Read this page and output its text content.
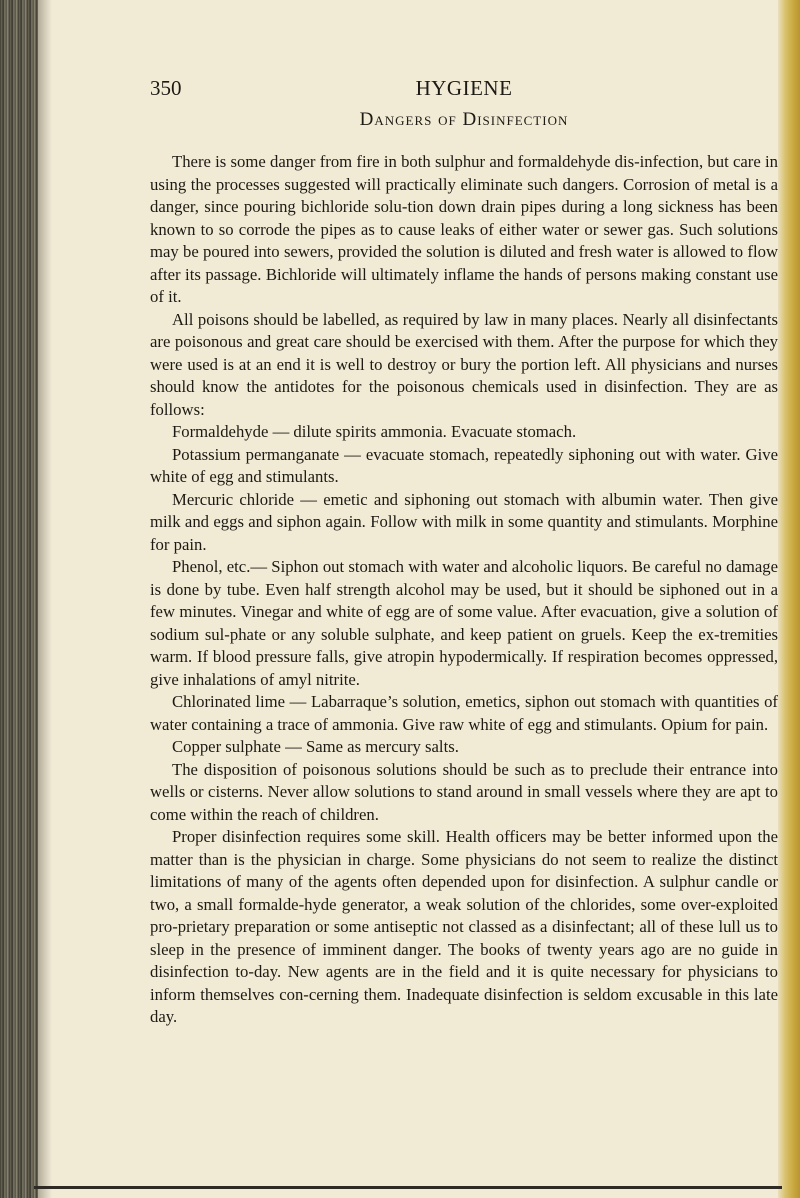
350	HYGIENE
Dangers of Disinfection

There is some danger from fire in both sulphur and formaldehyde dis-infection, but care in using the processes suggested will practically eliminate such dangers. Corrosion of metal is a danger, since pouring bichloride solu-tion down drain pipes during a long sickness has been known to so corrode the pipes as to cause leaks of either water or sewer gas. Such solutions may be poured into sewers, provided the solution is diluted and fresh water is allowed to flow after its passage. Bichloride will ultimately inflame the hands of persons making constant use of it.

All poisons should be labelled, as required by law in many places. Nearly all disinfectants are poisonous and great care should be exercised with them. After the purpose for which they were used is at an end it is well to destroy or bury the portion left. All physicians and nurses should know the antidotes for the poisonous chemicals used in disinfection. They are as follows:

Formaldehyde — dilute spirits ammonia. Evacuate stomach.

Potassium permanganate — evacuate stomach, repeatedly siphoning out with water. Give white of egg and stimulants.

Mercuric chloride — emetic and siphoning out stomach with albumin water. Then give milk and eggs and siphon again. Follow with milk in some quantity and stimulants. Morphine for pain.

Phenol, etc.— Siphon out stomach with water and alcoholic liquors. Be careful no damage is done by tube. Even half strength alcohol may be used, but it should be siphoned out in a few minutes. Vinegar and white of egg are of some value. After evacuation, give a solution of sodium sul-phate or any soluble sulphate, and keep patient on gruels. Keep the ex-tremities warm. If blood pressure falls, give atropin hypodermically. If respiration becomes oppressed, give inhalations of amyl nitrite.

Chlorinated lime — Labarraque’s solution, emetics, siphon out stomach with quantities of water containing a trace of ammonia. Give raw white of egg and stimulants. Opium for pain.

Copper sulphate — Same as mercury salts.

The disposition of poisonous solutions should be such as to preclude their entrance into wells or cisterns. Never allow solutions to stand around in small vessels where they are apt to come within the reach of children.

Proper disinfection requires some skill. Health officers may be better informed upon the matter than is the physician in charge. Some physicians do not seem to realize the distinct limitations of many of the agents often depended upon for disinfection. A sulphur candle or two, a small formalde-hyde generator, a weak solution of the chlorides, some over-exploited pro-prietary preparation or some antiseptic not classed as a disinfectant; all of these lull us to sleep in the presence of imminent danger. The books of twenty years ago are no guide in disinfection to-day. New agents are in the field and it is quite necessary for physicians to inform themselves con-cerning them. Inadequate disinfection is seldom excusable in this late day.
